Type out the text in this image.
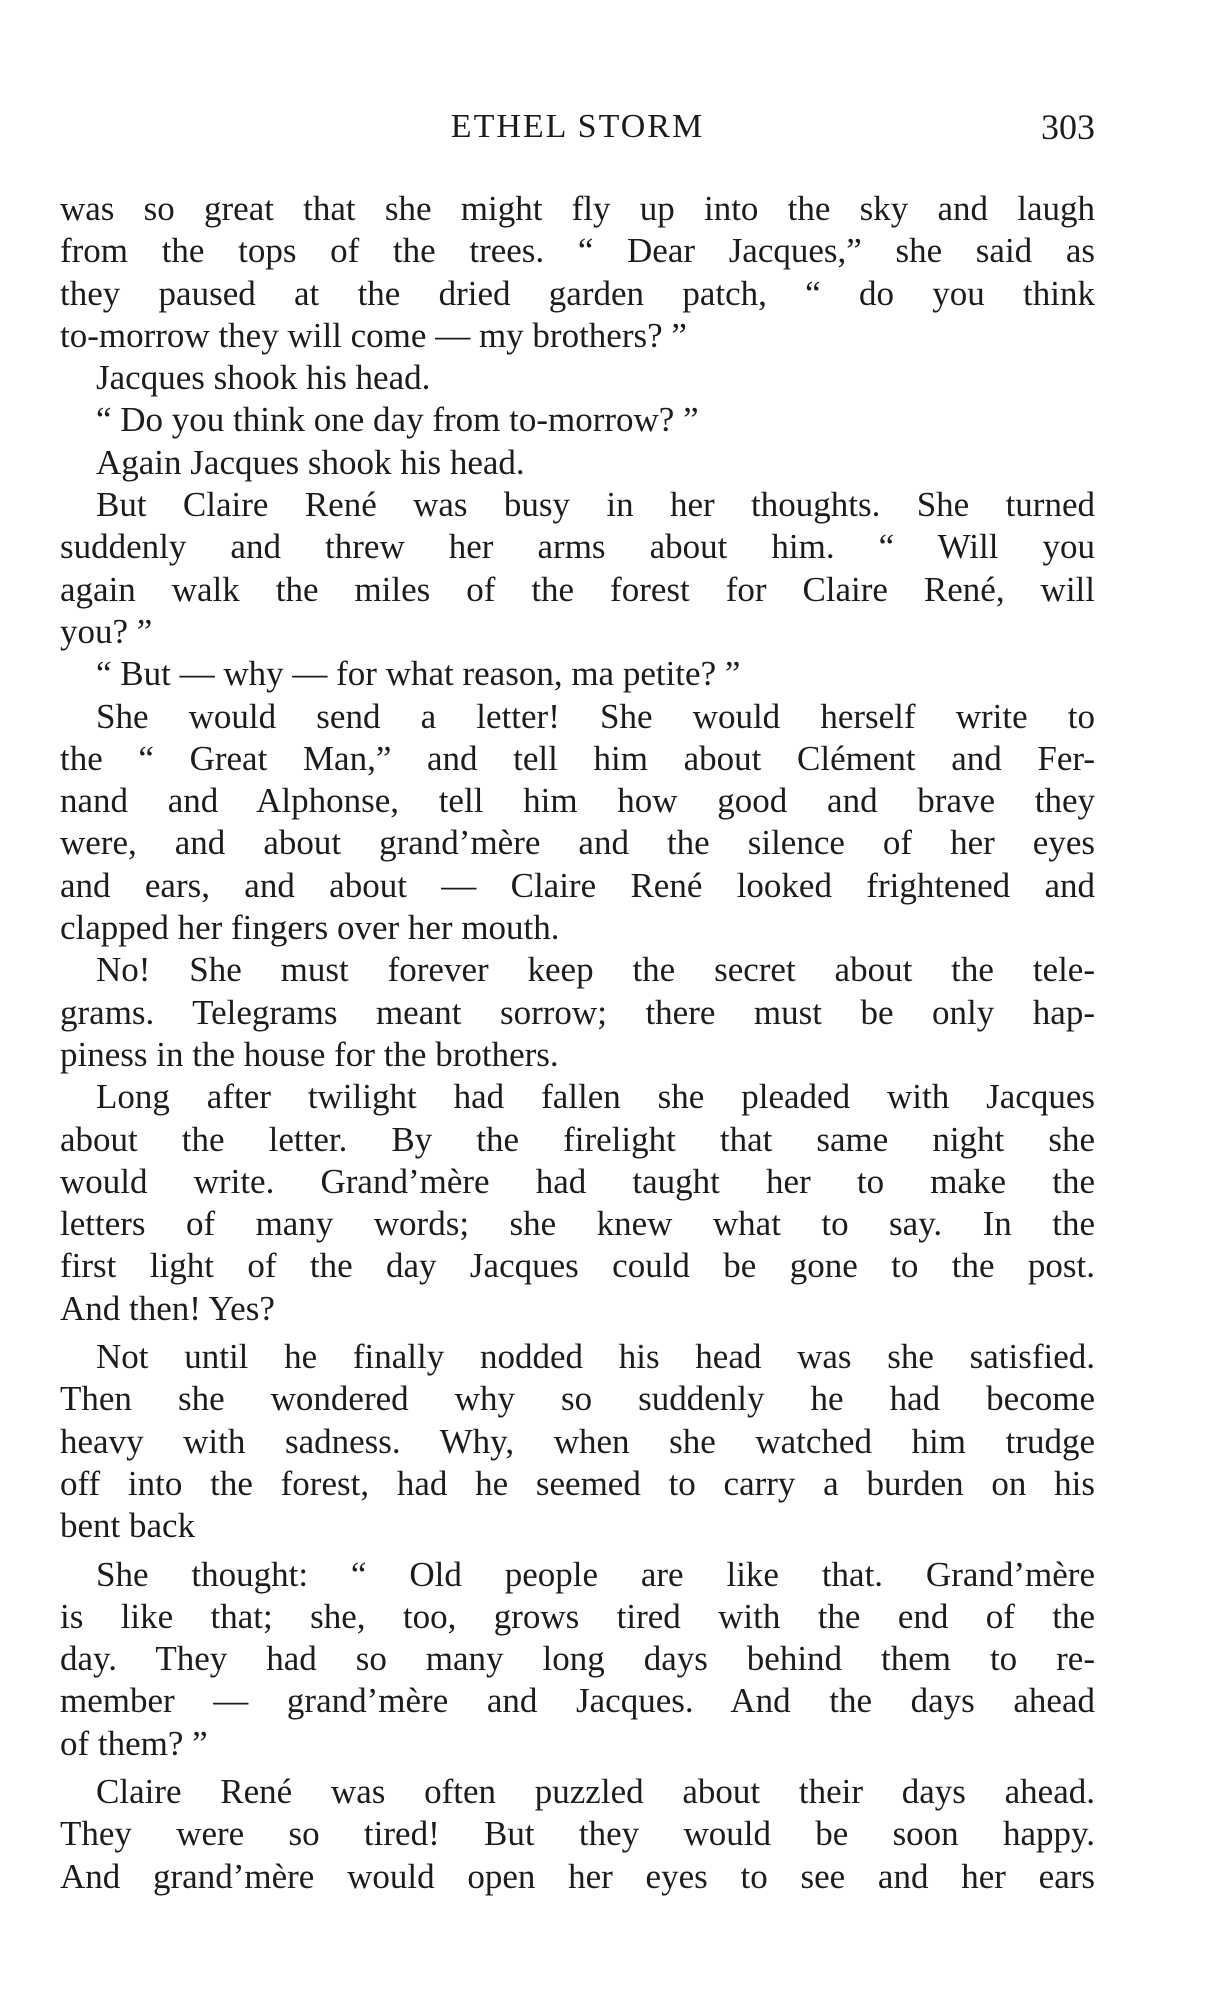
ETHEL STORM	303
was so great that she might fly up into the sky and laugh
from the tops of the trees. “ Dear Jacques,” she said as
they paused at the dried garden patch, “ do you think
to-morrow they will come — my brothers? ”
Jacques shook his head.
“ Do you think one day from to-morrow? ”
Again Jacques shook his head.
But Claire René was busy in her thoughts. She turned
suddenly and threw her arms about him. “ Will you
again walk the miles of the forest for Claire René, will
you? ”
“ But — why — for what reason, ma petite? ”
She would send a letter! She would herself write to
the “ Great Man,” and tell him about Clément and Fer-
nand and Alphonse, tell him how good and brave they
were, and about grand’mère and the silence of her eyes
and ears, and about — Claire René looked frightened and
clapped her fingers over her mouth.
No! She must forever keep the secret about the tele-
grams. Telegrams meant sorrow; there must be only hap-
piness in the house for the brothers.
Long after twilight had fallen she pleaded with Jacques
about the letter. By the firelight that same night she
would write. Grand’mère had taught her to make the
letters of many words; she knew what to say. In the
first light of the day Jacques could be gone to the post.
And then! Yes?
Not until he finally nodded his head was she satisfied.
Then she wondered why so suddenly he had become
heavy with sadness. Why, when she watched him trudge
off into the forest, had he seemed to carry a burden on his
bent back
She thought: “ Old people are like that. Grand’mère
is like that; she, too, grows tired with the end of the
day. They had so many long days behind them to re-
member — grand’mère and Jacques. And the days ahead
of them? ”
Claire René was often puzzled about their days ahead.
They were so tired! But they would be soon happy.
And grand’mère would open her eyes to see and her ears
